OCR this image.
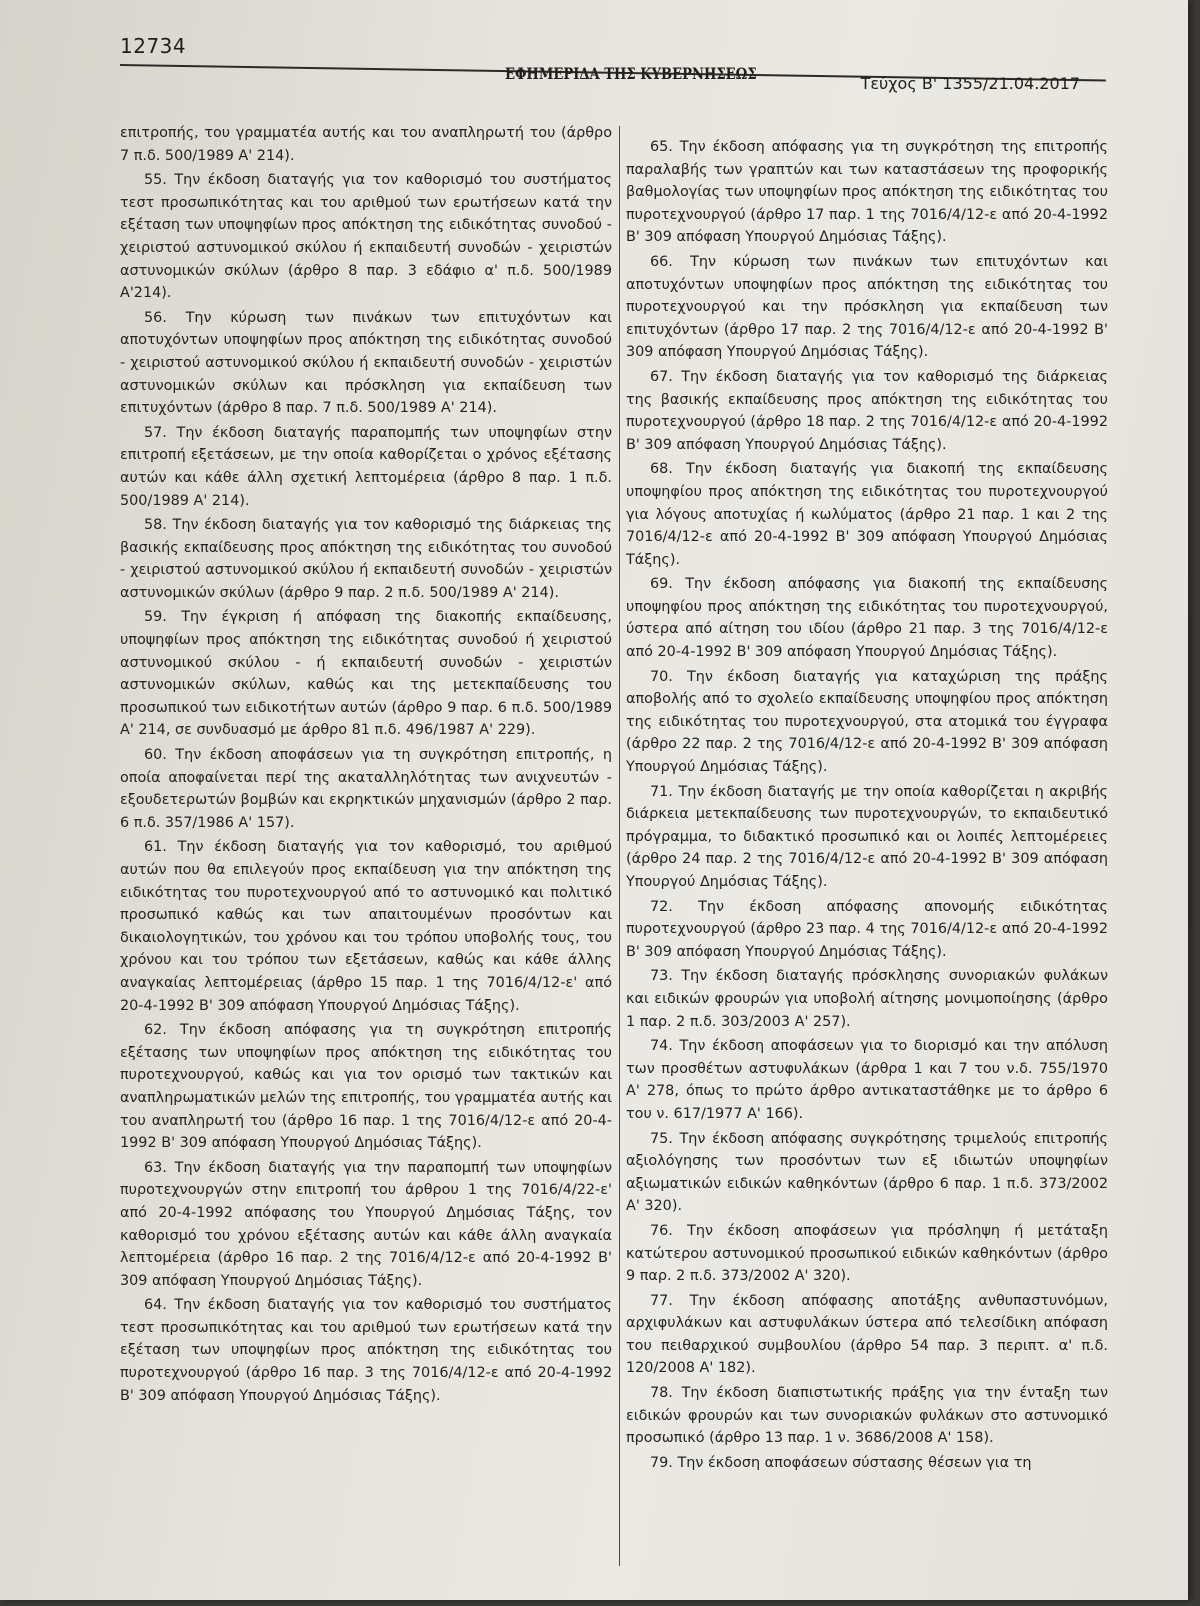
12734
ΕΦΗΜΕΡΙΔΑ ΤΗΣ ΚΥΒΕΡΝΗΣΕΩΣ
Τεύχος Β' 1355/21.04.2017

επιτροπής, του γραμματέα αυτής και του αναπληρωτή του (άρθρο 7 π.δ. 500/1989 Α' 214).

55. Την έκδοση διαταγής για τον καθορισμό του συστήματος τεστ προσωπικότητας και του αριθμού των ερωτήσεων κατά την εξέταση των υποψηφίων προς απόκτηση της ειδικότητας συνοδού - χειριστού αστυνομικού σκύλου ή εκπαιδευτή συνοδών - χειριστών αστυνομικών σκύλων (άρθρο 8 παρ. 3 εδάφιο α' π.δ. 500/1989 Α'214).

56. Την κύρωση των πινάκων των επιτυχόντων και αποτυχόντων υποψηφίων προς απόκτηση της ειδικότητας συνοδού - χειριστού αστυνομικού σκύλου ή εκπαιδευτή συνοδών - χειριστών αστυνομικών σκύλων και πρόσκληση για εκπαίδευση των επιτυχόντων (άρθρο 8 παρ. 7 π.δ. 500/1989 Α' 214).

57. Την έκδοση διαταγής παραπομπής των υποψηφίων στην επιτροπή εξετάσεων, με την οποία καθορίζεται ο χρόνος εξέτασης αυτών και κάθε άλλη σχετική λεπτομέρεια (άρθρο 8 παρ. 1 π.δ. 500/1989 Α' 214).

58. Την έκδοση διαταγής για τον καθορισμό της διάρκειας της βασικής εκπαίδευσης προς απόκτηση της ειδικότητας του συνοδού - χειριστού αστυνομικού σκύλου ή εκπαιδευτή συνοδών - χειριστών αστυνομικών σκύλων (άρθρο 9 παρ. 2 π.δ. 500/1989 Α' 214).

59. Την έγκριση ή απόφαση της διακοπής εκπαίδευσης, υποψηφίων προς απόκτηση της ειδικότητας συνοδού ή χειριστού αστυνομικού σκύλου - ή εκπαιδευτή συνοδών - χειριστών αστυνομικών σκύλων, καθώς και της μετεκπαίδευσης του προσωπικού των ειδικοτήτων αυτών (άρθρο 9 παρ. 6 π.δ. 500/1989 Α' 214, σε συνδυασμό με άρθρο 81 π.δ. 496/1987 Α' 229).

60. Την έκδοση αποφάσεων για τη συγκρότηση επιτροπής, η οποία αποφαίνεται περί της ακαταλληλότητας των ανιχνευτών - εξουδετερωτών βομβών και εκρηκτικών μηχανισμών (άρθρο 2 παρ. 6 π.δ. 357/1986 Α' 157).

61. Την έκδοση διαταγής για τον καθορισμό, του αριθμού αυτών που θα επιλεγούν προς εκπαίδευση για την απόκτηση της ειδικότητας του πυροτεχνουργού από το αστυνομικό και πολιτικό προσωπικό καθώς και των απαιτουμένων προσόντων και δικαιολογητικών, του χρόνου και του τρόπου υποβολής τους, του χρόνου και του τρόπου των εξετάσεων, καθώς και κάθε άλλης αναγκαίας λεπτομέρειας (άρθρο 15 παρ. 1 της 7016/4/12-ε' από 20-4-1992 Β' 309 απόφαση Υπουργού Δημόσιας Τάξης).

62. Την έκδοση απόφασης για τη συγκρότηση επιτροπής εξέτασης των υποψηφίων προς απόκτηση της ειδικότητας του πυροτεχνουργού, καθώς και για τον ορισμό των τακτικών και αναπληρωματικών μελών της επιτροπής, του γραμματέα αυτής και του αναπληρωτή του (άρθρο 16 παρ. 1 της 7016/4/12-ε από 20-4-1992 Β' 309 απόφαση Υπουργού Δημόσιας Τάξης).

63. Την έκδοση διαταγής για την παραπομπή των υποψηφίων πυροτεχνουργών στην επιτροπή του άρθρου 1 της 7016/4/22-ε' από 20-4-1992 απόφασης του Υπουργού Δημόσιας Τάξης, τον καθορισμό του χρόνου εξέτασης αυτών και κάθε άλλη αναγκαία λεπτομέρεια (άρθρο 16 παρ. 2 της 7016/4/12-ε από 20-4-1992 Β' 309 απόφαση Υπουργού Δημόσιας Τάξης).

64. Την έκδοση διαταγής για τον καθορισμό του συστήματος τεστ προσωπικότητας και του αριθμού των ερωτήσεων κατά την εξέταση των υποψηφίων προς απόκτηση της ειδικότητας του πυροτεχνουργού (άρθρο 16 παρ. 3 της 7016/4/12-ε από 20-4-1992 Β' 309 απόφαση Υπουργού Δημόσιας Τάξης).

65. Την έκδοση απόφασης για τη συγκρότηση της επιτροπής παραλαβής των γραπτών και των καταστάσεων της προφορικής βαθμολογίας των υποψηφίων προς απόκτηση της ειδικότητας του πυροτεχνουργού (άρθρο 17 παρ. 1 της 7016/4/12-ε από 20-4-1992 Β' 309 απόφαση Υπουργού Δημόσιας Τάξης).

66. Την κύρωση των πινάκων των επιτυχόντων και αποτυχόντων υποψηφίων προς απόκτηση της ειδικότητας του πυροτεχνουργού και την πρόσκληση για εκπαίδευση των επιτυχόντων (άρθρο 17 παρ. 2 της 7016/4/12-ε από 20-4-1992 Β' 309 απόφαση Υπουργού Δημόσιας Τάξης).

67. Την έκδοση διαταγής για τον καθορισμό της διάρκειας της βασικής εκπαίδευσης προς απόκτηση της ειδικότητας του πυροτεχνουργού (άρθρο 18 παρ. 2 της 7016/4/12-ε από 20-4-1992 Β' 309 απόφαση Υπουργού Δημόσιας Τάξης).

68. Την έκδοση διαταγής για διακοπή της εκπαίδευσης υποψηφίου προς απόκτηση της ειδικότητας του πυροτεχνουργού για λόγους αποτυχίας ή κωλύματος (άρθρο 21 παρ. 1 και 2 της 7016/4/12-ε από 20-4-1992 Β' 309 απόφαση Υπουργού Δημόσιας Τάξης).

69. Την έκδοση απόφασης για διακοπή της εκπαίδευσης υποψηφίου προς απόκτηση της ειδικότητας του πυροτεχνουργού, ύστερα από αίτηση του ιδίου (άρθρο 21 παρ. 3 της 7016/4/12-ε από 20-4-1992 Β' 309 απόφαση Υπουργού Δημόσιας Τάξης).

70. Την έκδοση διαταγής για καταχώριση της πράξης αποβολής από το σχολείο εκπαίδευσης υποψηφίου προς απόκτηση της ειδικότητας του πυροτεχνουργού, στα ατομικά του έγγραφα (άρθρο 22 παρ. 2 της 7016/4/12-ε από 20-4-1992 Β' 309 απόφαση Υπουργού Δημόσιας Τάξης).

71. Την έκδοση διαταγής με την οποία καθορίζεται η ακριβής διάρκεια μετεκπαίδευσης των πυροτεχνουργών, το εκπαιδευτικό πρόγραμμα, το διδακτικό προσωπικό και οι λοιπές λεπτομέρειες (άρθρο 24 παρ. 2 της 7016/4/12-ε από 20-4-1992 Β' 309 απόφαση Υπουργού Δημόσιας Τάξης).

72. Την έκδοση απόφασης απονομής ειδικότητας πυροτεχνουργού (άρθρο 23 παρ. 4 της 7016/4/12-ε από 20-4-1992 Β' 309 απόφαση Υπουργού Δημόσιας Τάξης).

73. Την έκδοση διαταγής πρόσκλησης συνοριακών φυλάκων και ειδικών φρουρών για υποβολή αίτησης μονιμοποίησης (άρθρο 1 παρ. 2 π.δ. 303/2003 Α' 257).

74. Την έκδοση αποφάσεων για το διορισμό και την απόλυση των προσθέτων αστυφυλάκων (άρθρα 1 και 7 του ν.δ. 755/1970 Α' 278, όπως το πρώτο άρθρο αντικαταστάθηκε με το άρθρο 6 του ν. 617/1977 Α' 166).

75. Την έκδοση απόφασης συγκρότησης τριμελούς επιτροπής αξιολόγησης των προσόντων των εξ ιδιωτών υποψηφίων αξιωματικών ειδικών καθηκόντων (άρθρο 6 παρ. 1 π.δ. 373/2002 Α' 320).

76. Την έκδοση αποφάσεων για πρόσληψη ή μετάταξη κατώτερου αστυνομικού προσωπικού ειδικών καθηκόντων (άρθρο 9 παρ. 2 π.δ. 373/2002 Α' 320).

77. Την έκδοση απόφασης αποτάξης ανθυπαστυνόμων, αρχιφυλάκων και αστυφυλάκων ύστερα από τελεσίδικη απόφαση του πειθαρχικού συμβουλίου (άρθρο 54 παρ. 3 περιπτ. α' π.δ. 120/2008 Α' 182).

78. Την έκδοση διαπιστωτικής πράξης για την ένταξη των ειδικών φρουρών και των συνοριακών φυλάκων στο αστυνομικό προσωπικό (άρθρο 13 παρ. 1 ν. 3686/2008 Α' 158).

79. Την έκδοση αποφάσεων σύστασης θέσεων για τη
